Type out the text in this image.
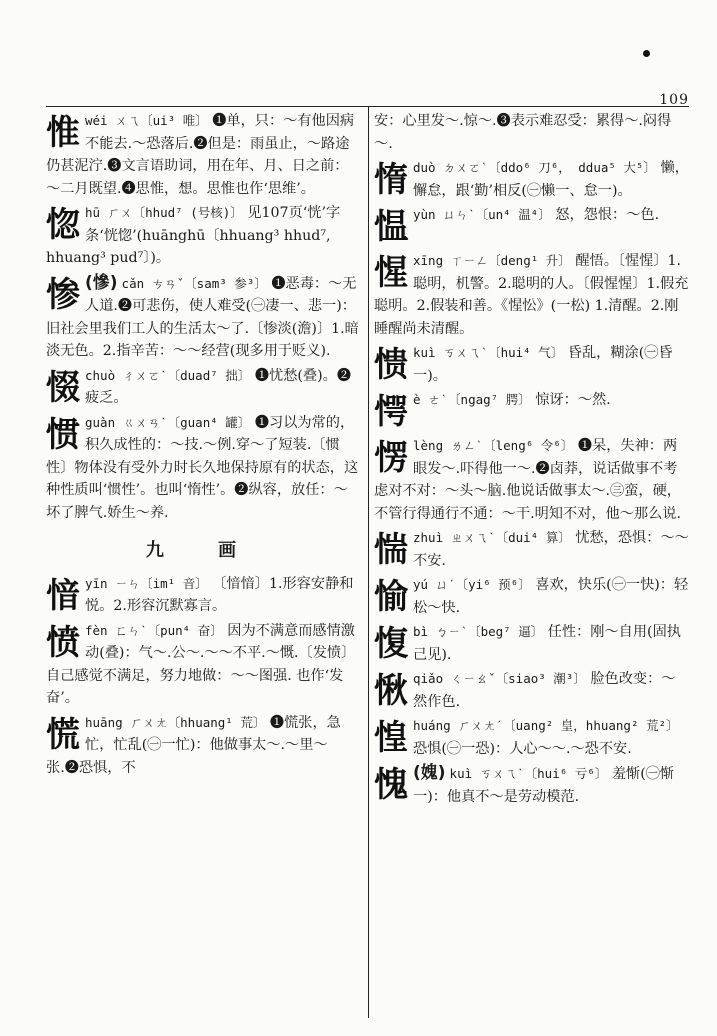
109
惟wéi ㄨㄟ〔ui³ 唯〕 ❶单，只：～有他因病不能去.～恐落后.❷但是：雨虽止，～路途仍甚泥泞.❸文言语助词，用在年、月、日之前：～二月既望.❹思惟，想。思惟也作‘思维’。
惚hū ㄏㄨ〔hhud⁷ (号核)〕 见107页‘恍’字条‘恍惚’(huānghū〔hhuang³ hhud⁷, hhuang³ pud⁷〕)。
惨 (慘) cǎn ㄘㄢˇ〔sam³ 参³〕 ❶恶毒：～无人道.❷可悲伤，使人难受(㊀凄一、悲一)：旧社会里我们工人的生活太～了.〔惨淡(澹)〕1.暗淡无色。2.指辛苦：～～经营(现多用于贬义).
惙chuò ㄔㄨㄛˋ〔duad⁷ 拙〕 ❶忧愁(叠)。❷疲乏。
惯guàn ㄍㄨㄢˋ〔guan⁴ 罐〕 ❶习以为常的，积久成性的：～技.～例.穿～了短装.〔惯性〕物体没有受外力时长久地保持原有的状态，这种性质叫‘惯性’。也叫‘惰性’。❷纵容，放任：～坏了脾气.娇生～养.
九 画
愔yīn ㄧㄣ〔im¹ 音〕 〔愔愔〕1.形容安静和悦。2.形容沉默寡言。
愤fèn ㄈㄣˋ〔pun⁴ 奋〕 因为不满意而感情激动(叠)：气～.公～.～～不平.～慨.〔发愤〕自己感觉不满足，努力地做：～～图强. 也作‘发奋’。
慌huāng ㄏㄨㄤ〔hhuang¹ 荒〕 ❶慌张，急忙，忙乱(㊀一忙)：他做事太～.～里～张.❷恐惧，不
安：心里发～.惊～.❸表示难忍受：累得～.闷得～.
惰duò ㄉㄨㄛˋ〔ddo⁶ 刀⁶， ddua⁵ 大⁵〕 懒，懈怠，跟‘勤’相反(㊀懒一、怠一)。
愠yùn ㄩㄣˋ〔un⁴ 温⁴〕 怒，怨恨：～色.
惺xīng ㄒㄧㄥ〔deng¹ 升〕 醒悟。〔惺惺〕1.聪明，机警。2.聪明的人。〔假惺惺〕1.假充聪明。2.假装和善。《惺忪》(一松) 1.清醒。2.刚睡醒尚未清醒。
愦kuì ㄎㄨㄟˋ〔hui⁴ 气〕 昏乱，糊涂(㊀昏一)。
愕è ㄜˋ〔ngag⁷ 腭〕 惊讶：～然.
愣lèng ㄌㄥˋ〔leng⁶ 令⁶〕 ❶呆，失神：两眼发～.吓得他一～.❷卤莽，说话做事不考虑对不对：～头～脑.他说话做事太～.㊂蛮，硬，不管行得通行不通：～干.明知不对，他～那么说.
惴zhuì ㄓㄨㄟˋ〔dui⁴ 算〕 忧愁，恐惧：～～不安.
愉yú ㄩˊ〔yi⁶ 预⁶〕 喜欢，快乐(㊀一快)：轻松～快.
愎bì ㄅㄧˋ〔beg⁷ 逼〕 任性：刚～自用(固执己见).
愀qiǎo ㄑㄧㄠˇ〔siao³ 潮³〕 脸色改变：～然作色.
惶huáng ㄏㄨㄤˊ〔uang² 皇，hhuang² 荒²〕 恐惧(㊀一恐)：人心～～.～恐不安.
愧 (媿) kuì ㄎㄨㄟˋ〔hui⁶ 亏⁶〕 羞惭(㊀惭一)：他真不～是劳动模范.
